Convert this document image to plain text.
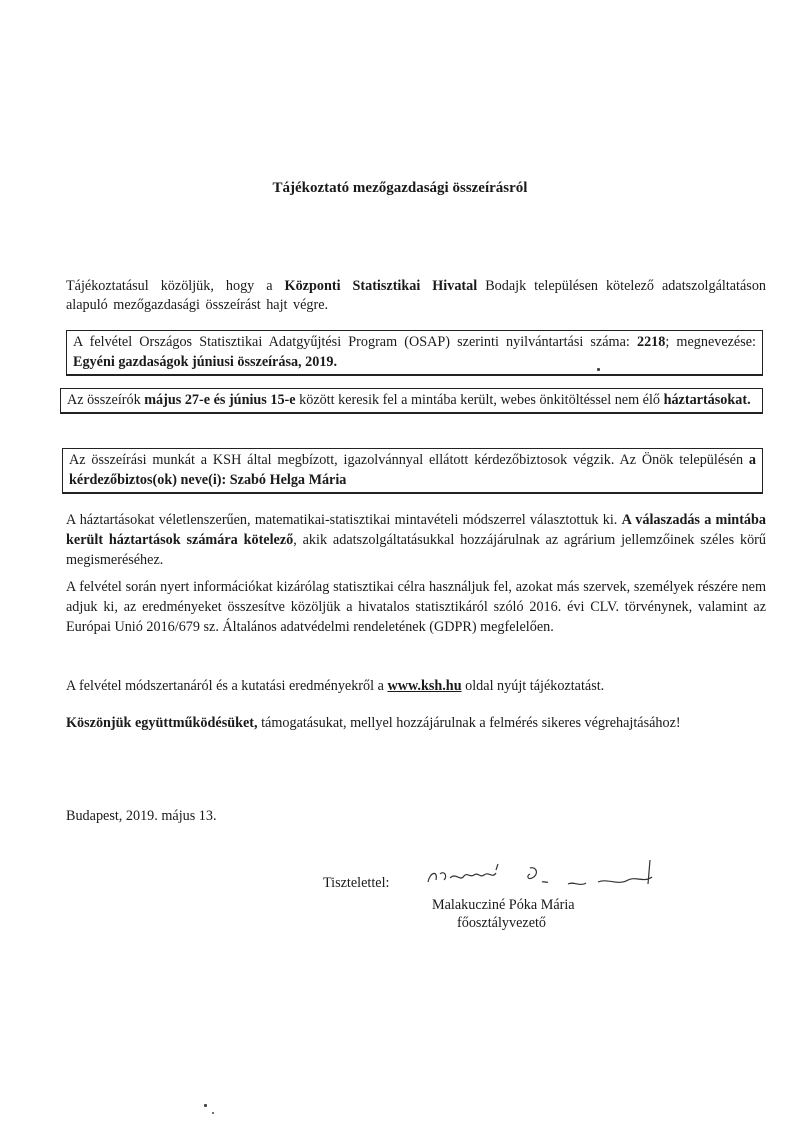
Tájékoztató mezőgazdasági összeírásról
Tájékoztatásul közöljük, hogy a Központi Statisztikai Hivatal Bodajk településen kötelező adatszolgáltatáson alapuló mezőgazdasági összeírást hajt végre.
A felvétel Országos Statisztikai Adatgyűjtési Program (OSAP) szerinti nyilvántartási száma: 2218; megnevezése: Egyéni gazdaságok júniusi összeírása, 2019.
Az összeírók május 27-e és június 15-e között keresik fel a mintába került, webes önkitöltéssel nem élő háztartásokat.
Az összeírási munkát a KSH által megbízott, igazolvánnyal ellátott kérdezőbiztosok végzik. Az Önök településén a kérdezőbiztos(ok) neve(i): Szabó Helga Mária
A háztartásokat véletlenszerűen, matematikai-statisztikai mintavételi módszerrel választottuk ki. A válaszadás a mintába került háztartások számára kötelező, akik adatszolgáltatásukkal hozzájárulnak az agrárium jellemzőinek széles körű megismeréséhez.
A felvétel során nyert információkat kizárólag statisztikai célra használjuk fel, azokat más szervek, személyek részére nem adjuk ki, az eredményeket összesítve közöljük a hivatalos statisztikáról szóló 2016. évi CLV. törvénynek, valamint az Európai Unió 2016/679 sz. Általános adatvédelmi rendeletének (GDPR) megfelelően.
A felvétel módszertanáról és a kutatási eredményekről a www.ksh.hu oldal nyújt tájékoztatást.
Köszönjük együttműködésüket, támogatásukat, mellyel hozzájárulnak a felmérés sikeres végrehajtásához!
Budapest, 2019. május 13.
Tisztelettel:
Malakucziné Póka Mária
főosztályvezető
